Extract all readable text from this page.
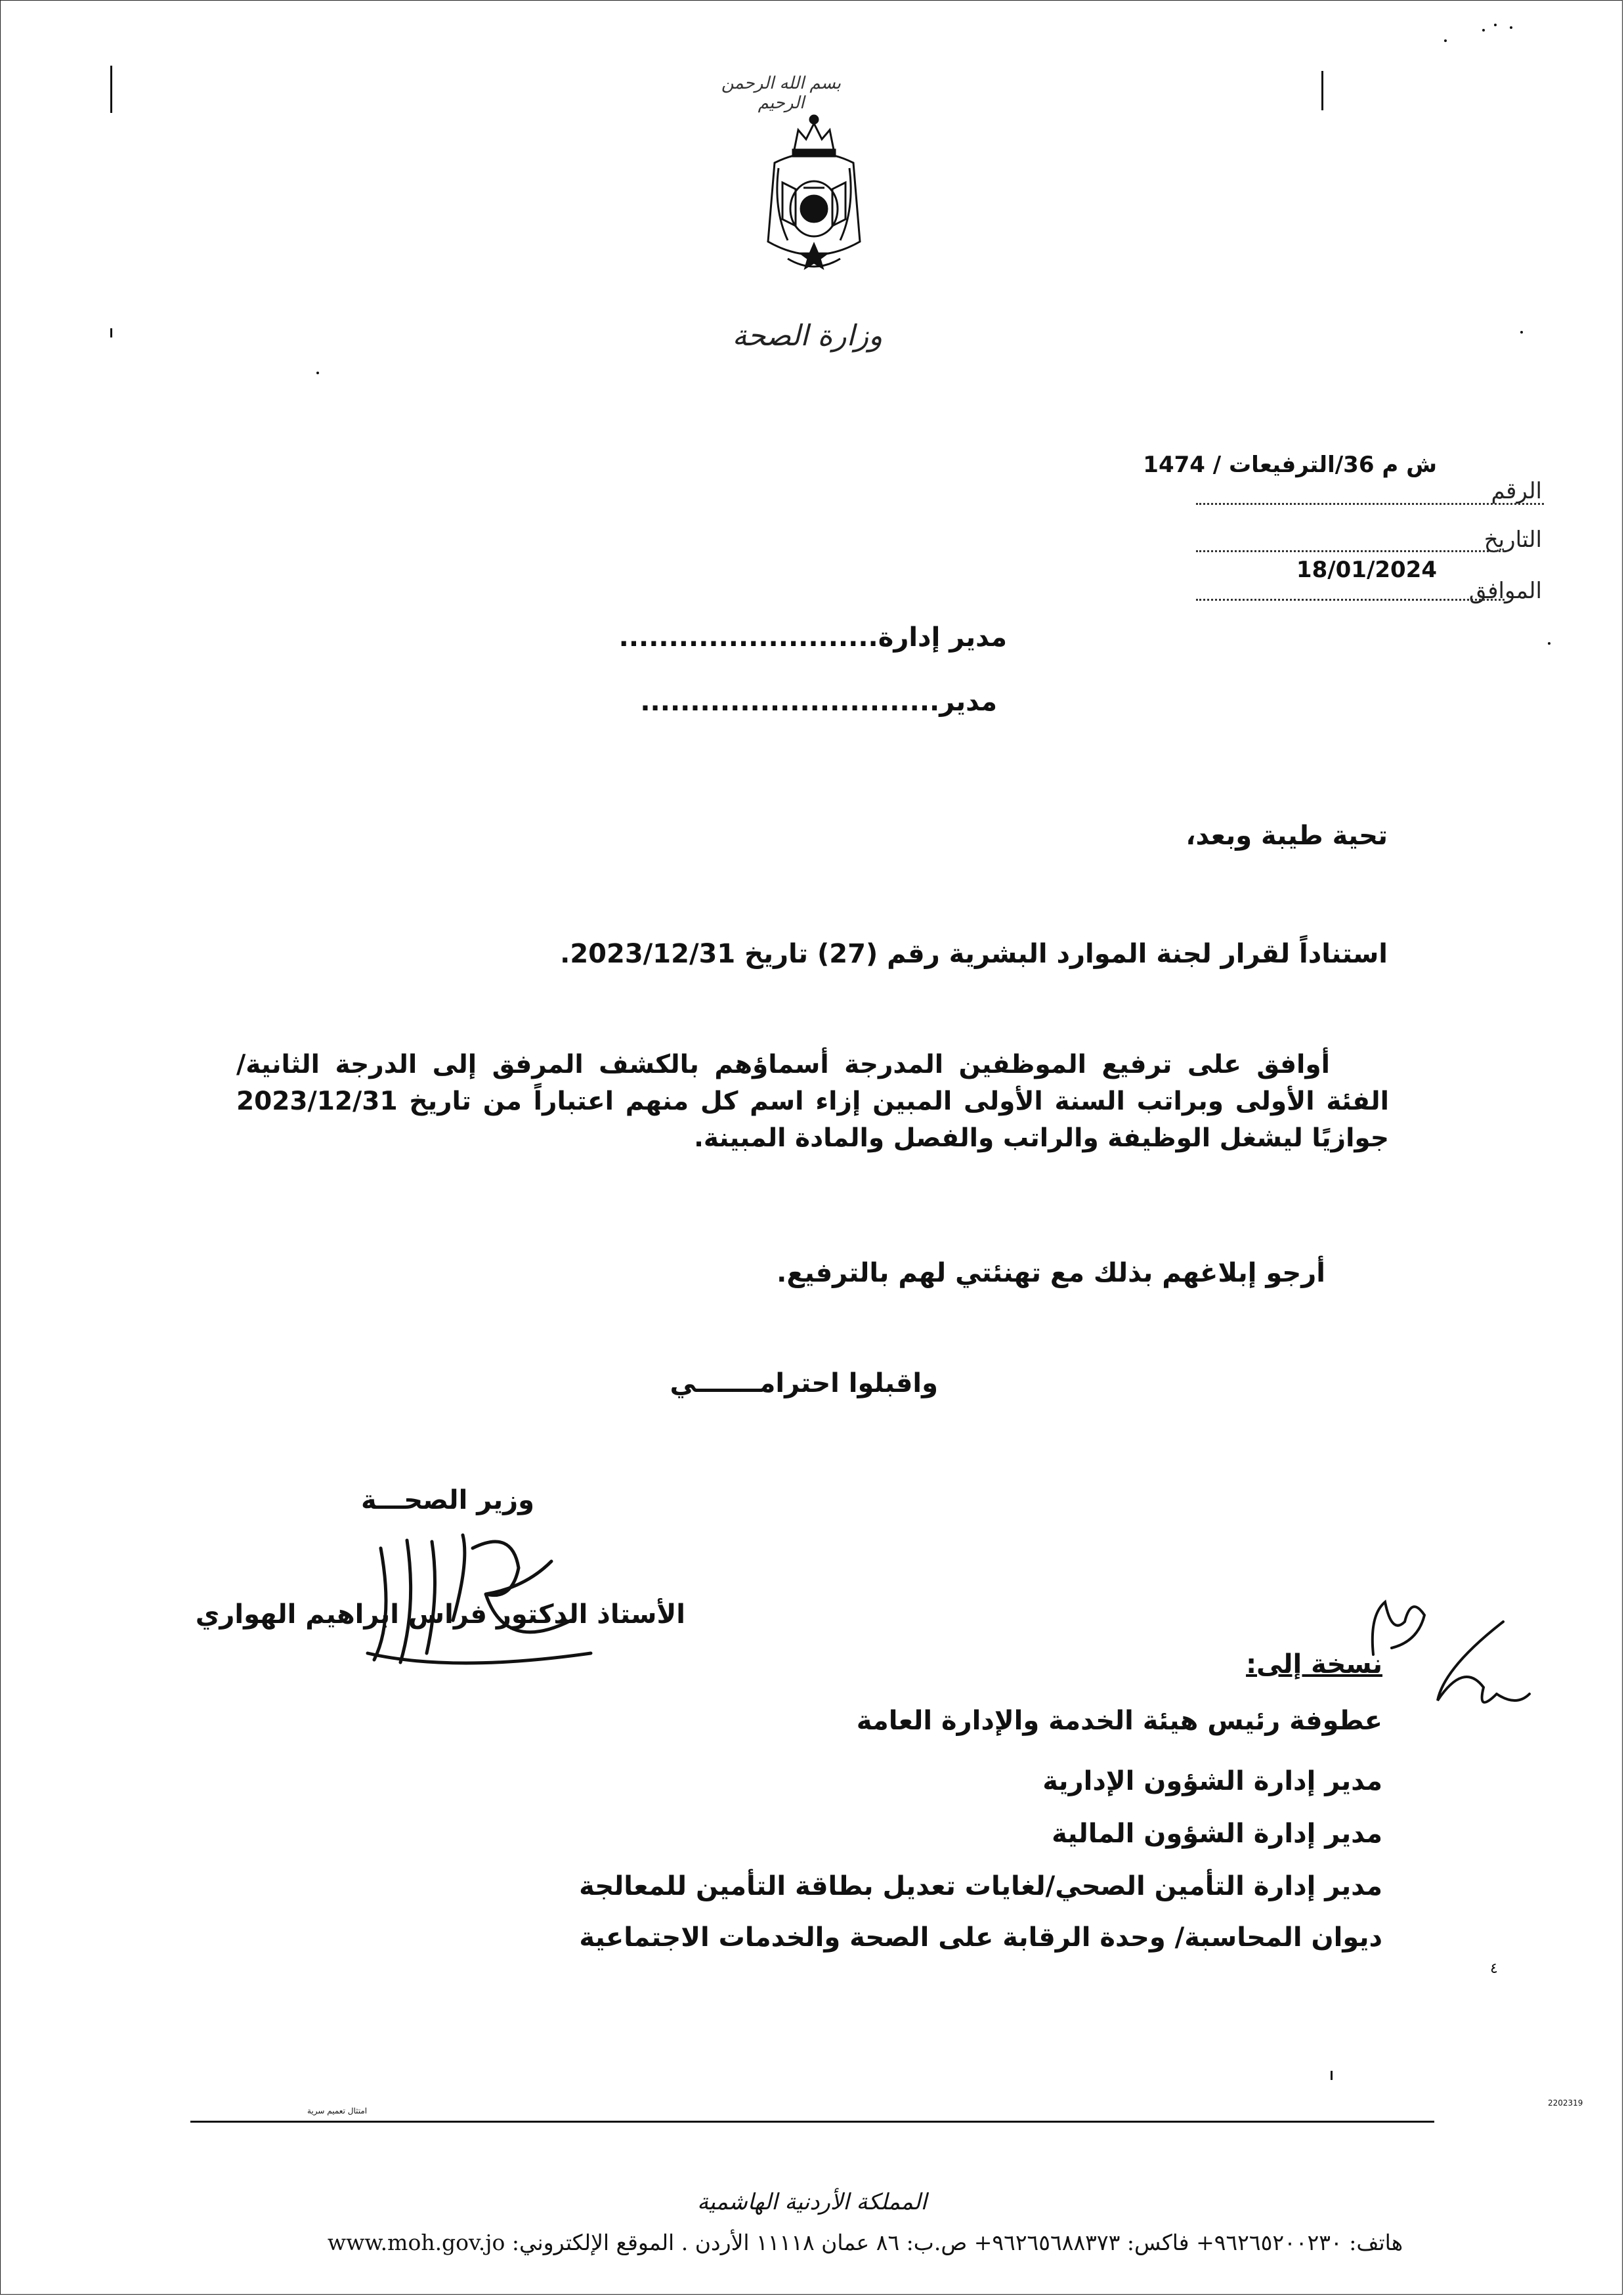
بسم الله الرحمن الرحيم
وزارة الصحة
ش م 36/الترفيعات / 1474
الرقم
التاريخ
18/01/2024
الموافق
مدير إدارة..........................
مدير..............................
تحية طيبة وبعد،
استناداً لقرار لجنة الموارد البشرية رقم (27) تاريخ 2023/12/31.
أوافق على ترفيع الموظفين المدرجة أسماؤهم بالكشف المرفق إلى الدرجة الثانية/ الفئة الأولى وبراتب السنة الأولى المبين إزاء اسم كل منهم اعتباراً من تاريخ 2023/12/31 جوازيًا ليشغل الوظيفة والراتب والفصل والمادة المبينة.
أرجو إبلاغهم بذلك مع تهنئتي لهم بالترفيع.
واقبلوا احترامـــــــي
وزير الصحـــة
الأستاذ الدكتور فراس ابراهيم الهواري
نسخة إلى:
عطوفة رئيس هيئة الخدمة والإدارة العامة
مدير إدارة الشؤون الإدارية
مدير إدارة الشؤون المالية
مدير إدارة التأمين الصحي/لغايات تعديل بطاقة التأمين للمعالجة
ديوان المحاسبة/ وحدة الرقابة على الصحة والخدمات الاجتماعية
٤
امتثال تعميم سرية
2202319
المملكة الأردنية الهاشمية
هاتف: ٩٦٢٦٥٢٠٠٢٣٠+ فاكس: ٩٦٢٦٥٦٨٨٣٧٣+ ص.ب: ٨٦ عمان ١١١١٨ الأردن . الموقع الإلكتروني: www.moh.gov.jo
